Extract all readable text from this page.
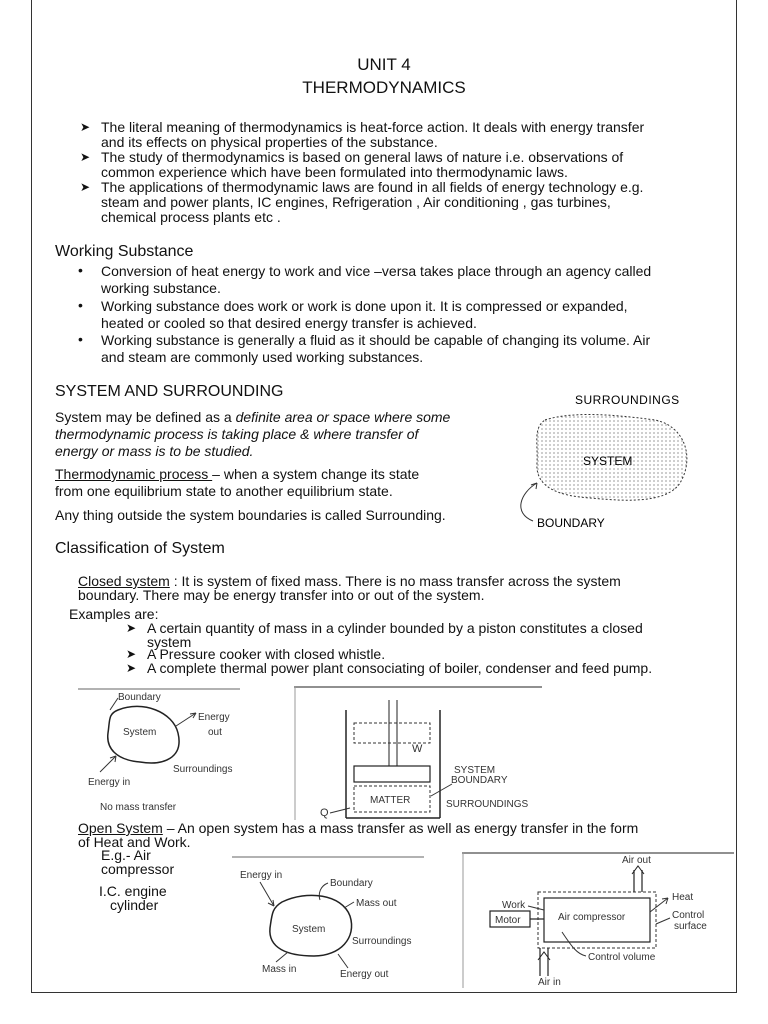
UNIT 4
THERMODYNAMICS
➤ The literal meaning of thermodynamics is heat-force action. It deals with energy transfer
and its effects on physical properties of the substance.
➤ The study of thermodynamics is based on general laws of nature i.e. observations of
common experience which have been formulated into thermodynamic laws.
➤ The applications of thermodynamic laws are found in all fields of energy technology e.g.
steam and power plants, IC engines, Refrigeration , Air conditioning , gas turbines,
chemical process plants etc .
Working Substance
• Conversion of heat energy to work and vice –versa takes place through an agency called
working substance.
• Working substance does work or work is done upon it. It is compressed or expanded,
heated or cooled so that desired energy transfer is achieved.
• Working substance is generally a fluid as it should be capable of changing its volume. Air
and steam are commonly used working substances.
SYSTEM AND SURROUNDING
System may be defined as a definite area or space where some
thermodynamic process is taking place & where transfer of
energy or mass is to be studied.
Thermodynamic process – when a system change its state
from one equilibrium state to another equilibrium state.
Any thing outside the system boundaries is called Surrounding.
SURROUNDINGS
SYSTEM
BOUNDARY
Classification of System
Closed system : It is system of fixed mass. There is no mass transfer across the system
boundary. There may be energy transfer into or out of the system.
Examples are:
➤ A certain quantity of mass in a cylinder bounded by a piston constitutes a closed
system
➤ A Pressure cooker with closed whistle.
➤ A complete thermal power plant consociating of boiler, condenser and feed pump.
Boundary
System
Energy
out
Surroundings
Energy in
No mass transfer
W
MATTER
SYSTEM
BOUNDARY
SURROUNDINGS
Q
Open System – An open system has a mass transfer as well as energy transfer in the form
of Heat and Work.
E.g.- Air
compressor
I.C. engine
cylinder
Energy in
Boundary
System
Mass out
Surroundings
Mass in	Energy out
Air out
Air compressor
Work
Motor
Heat
Control
surface
Control volume
Air in
